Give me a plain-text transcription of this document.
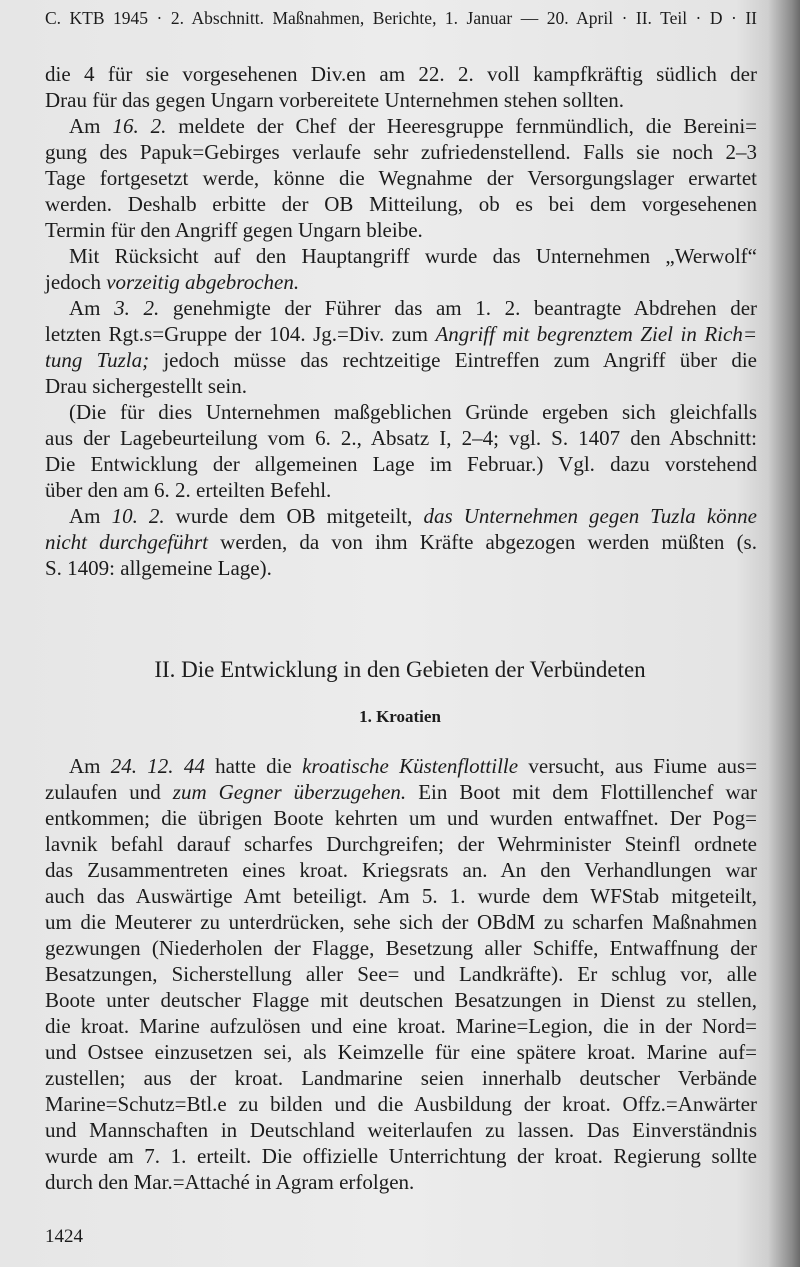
C. KTB 1945 · 2. Abschnitt. Maßnahmen, Berichte, 1. Januar — 20. April · II. Teil · D · II
die 4 für sie vorgesehenen Div.en am 22. 2. voll kampfkräftig südlich der
Drau für das gegen Ungarn vorbereitete Unternehmen stehen sollten.
Am 16. 2. meldete der Chef der Heeresgruppe fernmündlich, die Bereini=
gung des Papuk=Gebirges verlaufe sehr zufriedenstellend. Falls sie noch 2–3
Tage fortgesetzt werde, könne die Wegnahme der Versorgungslager erwartet
werden. Deshalb erbitte der OB Mitteilung, ob es bei dem vorgesehenen
Termin für den Angriff gegen Ungarn bleibe.
Mit Rücksicht auf den Hauptangriff wurde das Unternehmen „Werwolf“
jedoch vorzeitig abgebrochen.
Am 3. 2. genehmigte der Führer das am 1. 2. beantragte Abdrehen der
letzten Rgt.s=Gruppe der 104. Jg.=Div. zum Angriff mit begrenztem Ziel in Rich=
tung Tuzla; jedoch müsse das rechtzeitige Eintreffen zum Angriff über die
Drau sichergestellt sein.
(Die für dies Unternehmen maßgeblichen Gründe ergeben sich gleichfalls
aus der Lagebeurteilung vom 6. 2., Absatz I, 2–4; vgl. S. 1407 den Abschnitt:
Die Entwicklung der allgemeinen Lage im Februar.) Vgl. dazu vorstehend
über den am 6. 2. erteilten Befehl.
Am 10. 2. wurde dem OB mitgeteilt, das Unternehmen gegen Tuzla könne
nicht durchgeführt werden, da von ihm Kräfte abgezogen werden müßten (s.
S. 1409: allgemeine Lage).
II. Die Entwicklung in den Gebieten der Verbündeten
1. Kroatien
Am 24. 12. 44 hatte die kroatische Küstenflottille versucht, aus Fiume aus=
zulaufen und zum Gegner überzugehen. Ein Boot mit dem Flottillenchef war
entkommen; die übrigen Boote kehrten um und wurden entwaffnet. Der Pog=
lavnik befahl darauf scharfes Durchgreifen; der Wehrminister Steinfl ordnete
das Zusammentreten eines kroat. Kriegsrats an. An den Verhandlungen war
auch das Auswärtige Amt beteiligt. Am 5. 1. wurde dem WFStab mitgeteilt,
um die Meuterer zu unterdrücken, sehe sich der OBdM zu scharfen Maßnahmen
gezwungen (Niederholen der Flagge, Besetzung aller Schiffe, Entwaffnung der
Besatzungen, Sicherstellung aller See= und Landkräfte). Er schlug vor, alle
Boote unter deutscher Flagge mit deutschen Besatzungen in Dienst zu stellen,
die kroat. Marine aufzulösen und eine kroat. Marine=Legion, die in der Nord=
und Ostsee einzusetzen sei, als Keimzelle für eine spätere kroat. Marine auf=
zustellen; aus der kroat. Landmarine seien innerhalb deutscher Verbände
Marine=Schutz=Btl.e zu bilden und die Ausbildung der kroat. Offz.=Anwärter
und Mannschaften in Deutschland weiterlaufen zu lassen. Das Einverständnis
wurde am 7. 1. erteilt. Die offizielle Unterrichtung der kroat. Regierung sollte
durch den Mar.=Attaché in Agram erfolgen.
1424
